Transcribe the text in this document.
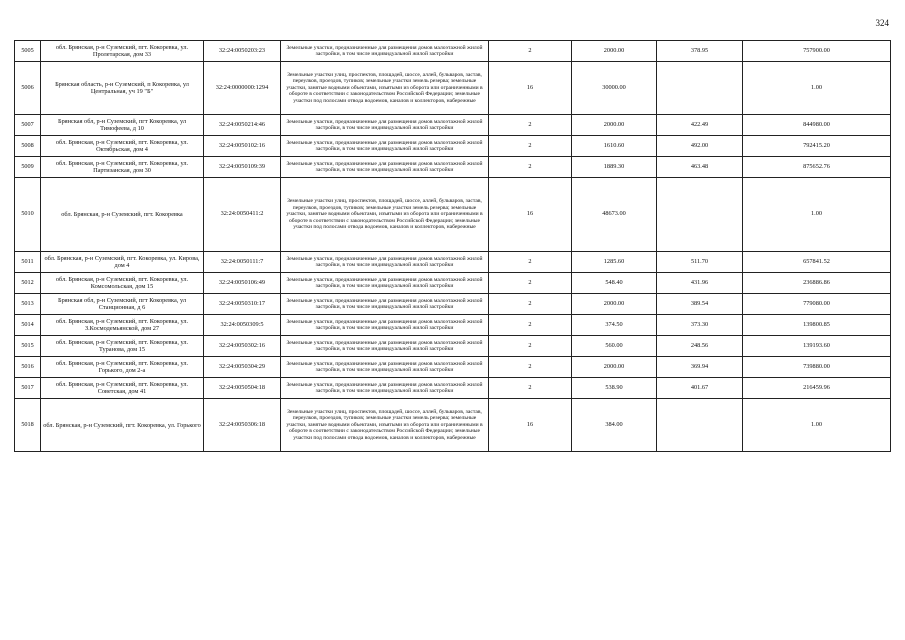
324
5005	обл. Брянская, р-н Суземский, пгт. Кокоревка, ул. Пролетарская, дом 33	32:24:0050203:23	Земельные участки, предназначенные для размещения домов малоэтажной жилой застройки, в том числе индивидуальной жилой застройки	2	2000.00	378.95	757900.00
5006	Брянская область, р-н Суземский, п Кокоревка, ул Центральная, уч 19 "Б"	32:24:0000000:1294	Земельные участки улиц, проспектов, площадей, шоссе, аллей, бульваров, застав, переулков, проездов, тупиков; земельные участки земель резерва; земельные участки, занятые водными объектами, изъятыми из оборота или ограниченными в обороте в соответствии с законодательством Российской Федерации; земельные участки под полосами отвода водоемов, каналов и коллекторов, набережные	16	30000.00		1.00
5007	Брянская обл, р-н Суземский, пгт Кокоревка, ул Тимофеева, д 10	32:24:0050214:46	Земельные участки, предназначенные для размещения домов малоэтажной жилой застройки, в том числе индивидуальной жилой застройки	2	2000.00	422.49	844980.00
5008	обл. Брянская, р-н Суземский, пгт. Кокоревка, ул. Октябрьская, дом 4	32:24:0050102:16	Земельные участки, предназначенные для размещения домов малоэтажной жилой застройки, в том числе индивидуальной жилой застройки	2	1610.60	492.00	792415.20
5009	обл. Брянская, р-н Суземский, пгт. Кокоревка, ул. Партизанская, дом 30	32:24:0050109:39	Земельные участки, предназначенные для размещения домов малоэтажной жилой застройки, в том числе индивидуальной жилой застройки	2	1889.30	463.48	875652.76
5010	обл. Брянская, р-н Суземский, пгт. Кокоревка	32:24:0050411:2	Земельные участки улиц, проспектов, площадей, шоссе, аллей, бульваров, застав, переулков, проездов, тупиков; земельные участки земель резерва; земельные участки, занятые водными объектами, изъятыми из оборота или ограниченными в обороте в соответствии с законодательством Российской Федерации; земельные участки под полосами отвода водоемов, каналов и коллекторов, набережные	16	48673.00		1.00
5011	обл. Брянская, р-н Суземский, пгт. Кокоревка, ул. Кирова, дом 4	32:24:0050111:7	Земельные участки, предназначенные для размещения домов малоэтажной жилой застройки, в том числе индивидуальной жилой застройки	2	1285.60	511.70	657841.52
5012	обл. Брянская, р-н Суземский, пгт. Кокоревка, ул. Комсомольская, дом 15	32:24:0050106:49	Земельные участки, предназначенные для размещения домов малоэтажной жилой застройки, в том числе индивидуальной жилой застройки	2	548.40	431.96	236886.86
5013	Брянская обл, р-н Суземский, пгт Кокоревка, ул Станционная, д 6	32:24:0050310:17	Земельные участки, предназначенные для размещения домов малоэтажной жилой застройки, в том числе индивидуальной жилой застройки	2	2000.00	389.54	779080.00
5014	обл. Брянская, р-н Суземский, пгт. Кокоревка, ул. З.Космодемьянской, дом 27	32:24:0050309:5	Земельные участки, предназначенные для размещения домов малоэтажной жилой застройки, в том числе индивидуальной жилой застройки	2	374.50	373.30	139800.85
5015	обл. Брянская, р-н Суземский, пгт. Кокоревка, ул. Туранова, дом 15	32:24:0050302:16	Земельные участки, предназначенные для размещения домов малоэтажной жилой застройки, в том числе индивидуальной жилой застройки	2	560.00	248.56	139193.60
5016	обл. Брянская, р-н Суземский, пгт. Кокоревка, ул. Горького, дом 2-а	32:24:0050304:29	Земельные участки, предназначенные для размещения домов малоэтажной жилой застройки, в том числе индивидуальной жилой застройки	2	2000.00	369.94	739880.00
5017	обл. Брянская, р-н Суземский, пгт. Кокоревка, ул. Советская, дом 41	32:24:0050504:18	Земельные участки, предназначенные для размещения домов малоэтажной жилой застройки, в том числе индивидуальной жилой застройки	2	538.90	401.67	216459.96
5018	обл. Брянская, р-н Суземский, пгт. Кокоревка, ул. Горького	32:24:0050306:18	Земельные участки улиц, проспектов, площадей, шоссе, аллей, бульваров, застав, переулков, проездов, тупиков; земельные участки земель резерва; земельные участки, занятые водными объектами, изъятыми из оборота или ограниченными в обороте в соответствии с законодательством Российской Федерации; земельные участки под полосами отвода водоемов, каналов и коллекторов, набережные	16	384.00		1.00
